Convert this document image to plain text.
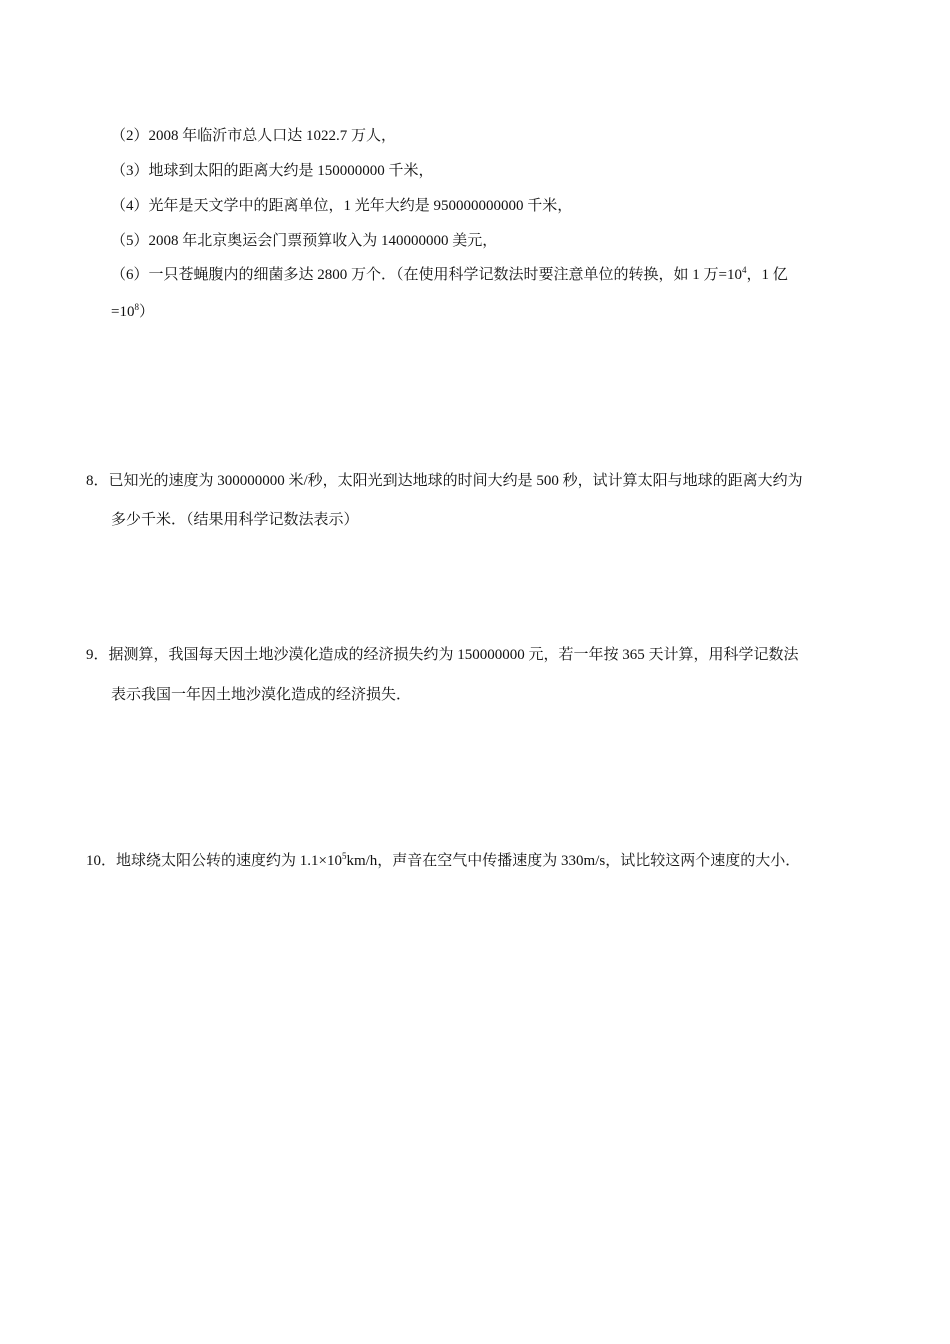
（2）2008 年临沂市总人口达 1022.7 万人，
（3）地球到太阳的距离大约是 150000000 千米，
（4）光年是天文学中的距离单位，1 光年大约是 950000000000 千米，
（5）2008 年北京奥运会门票预算收入为 140000000 美元，
（6）一只苍蝇腹内的细菌多达 2800 万个．（在使用科学记数法时要注意单位的转换，如 1 万$=10^4$，1 亿
$=10^8$）
8．已知光的速度为 300000000 米/秒，太阳光到达地球的时间大约是 500 秒，试计算太阳与地球的距离大约为
多少千米．（结果用科学记数法表示）
9．据测算，我国每天因土地沙漠化造成的经济损失约为 150000000 元，若一年按 365 天计算，用科学记数法
表示我国一年因土地沙漠化造成的经济损失．
10．地球绕太阳公转的速度约为 $1.1\times 10^5km/h$，声音在空气中传播速度为 330m/s，试比较这两个速度的大小．
